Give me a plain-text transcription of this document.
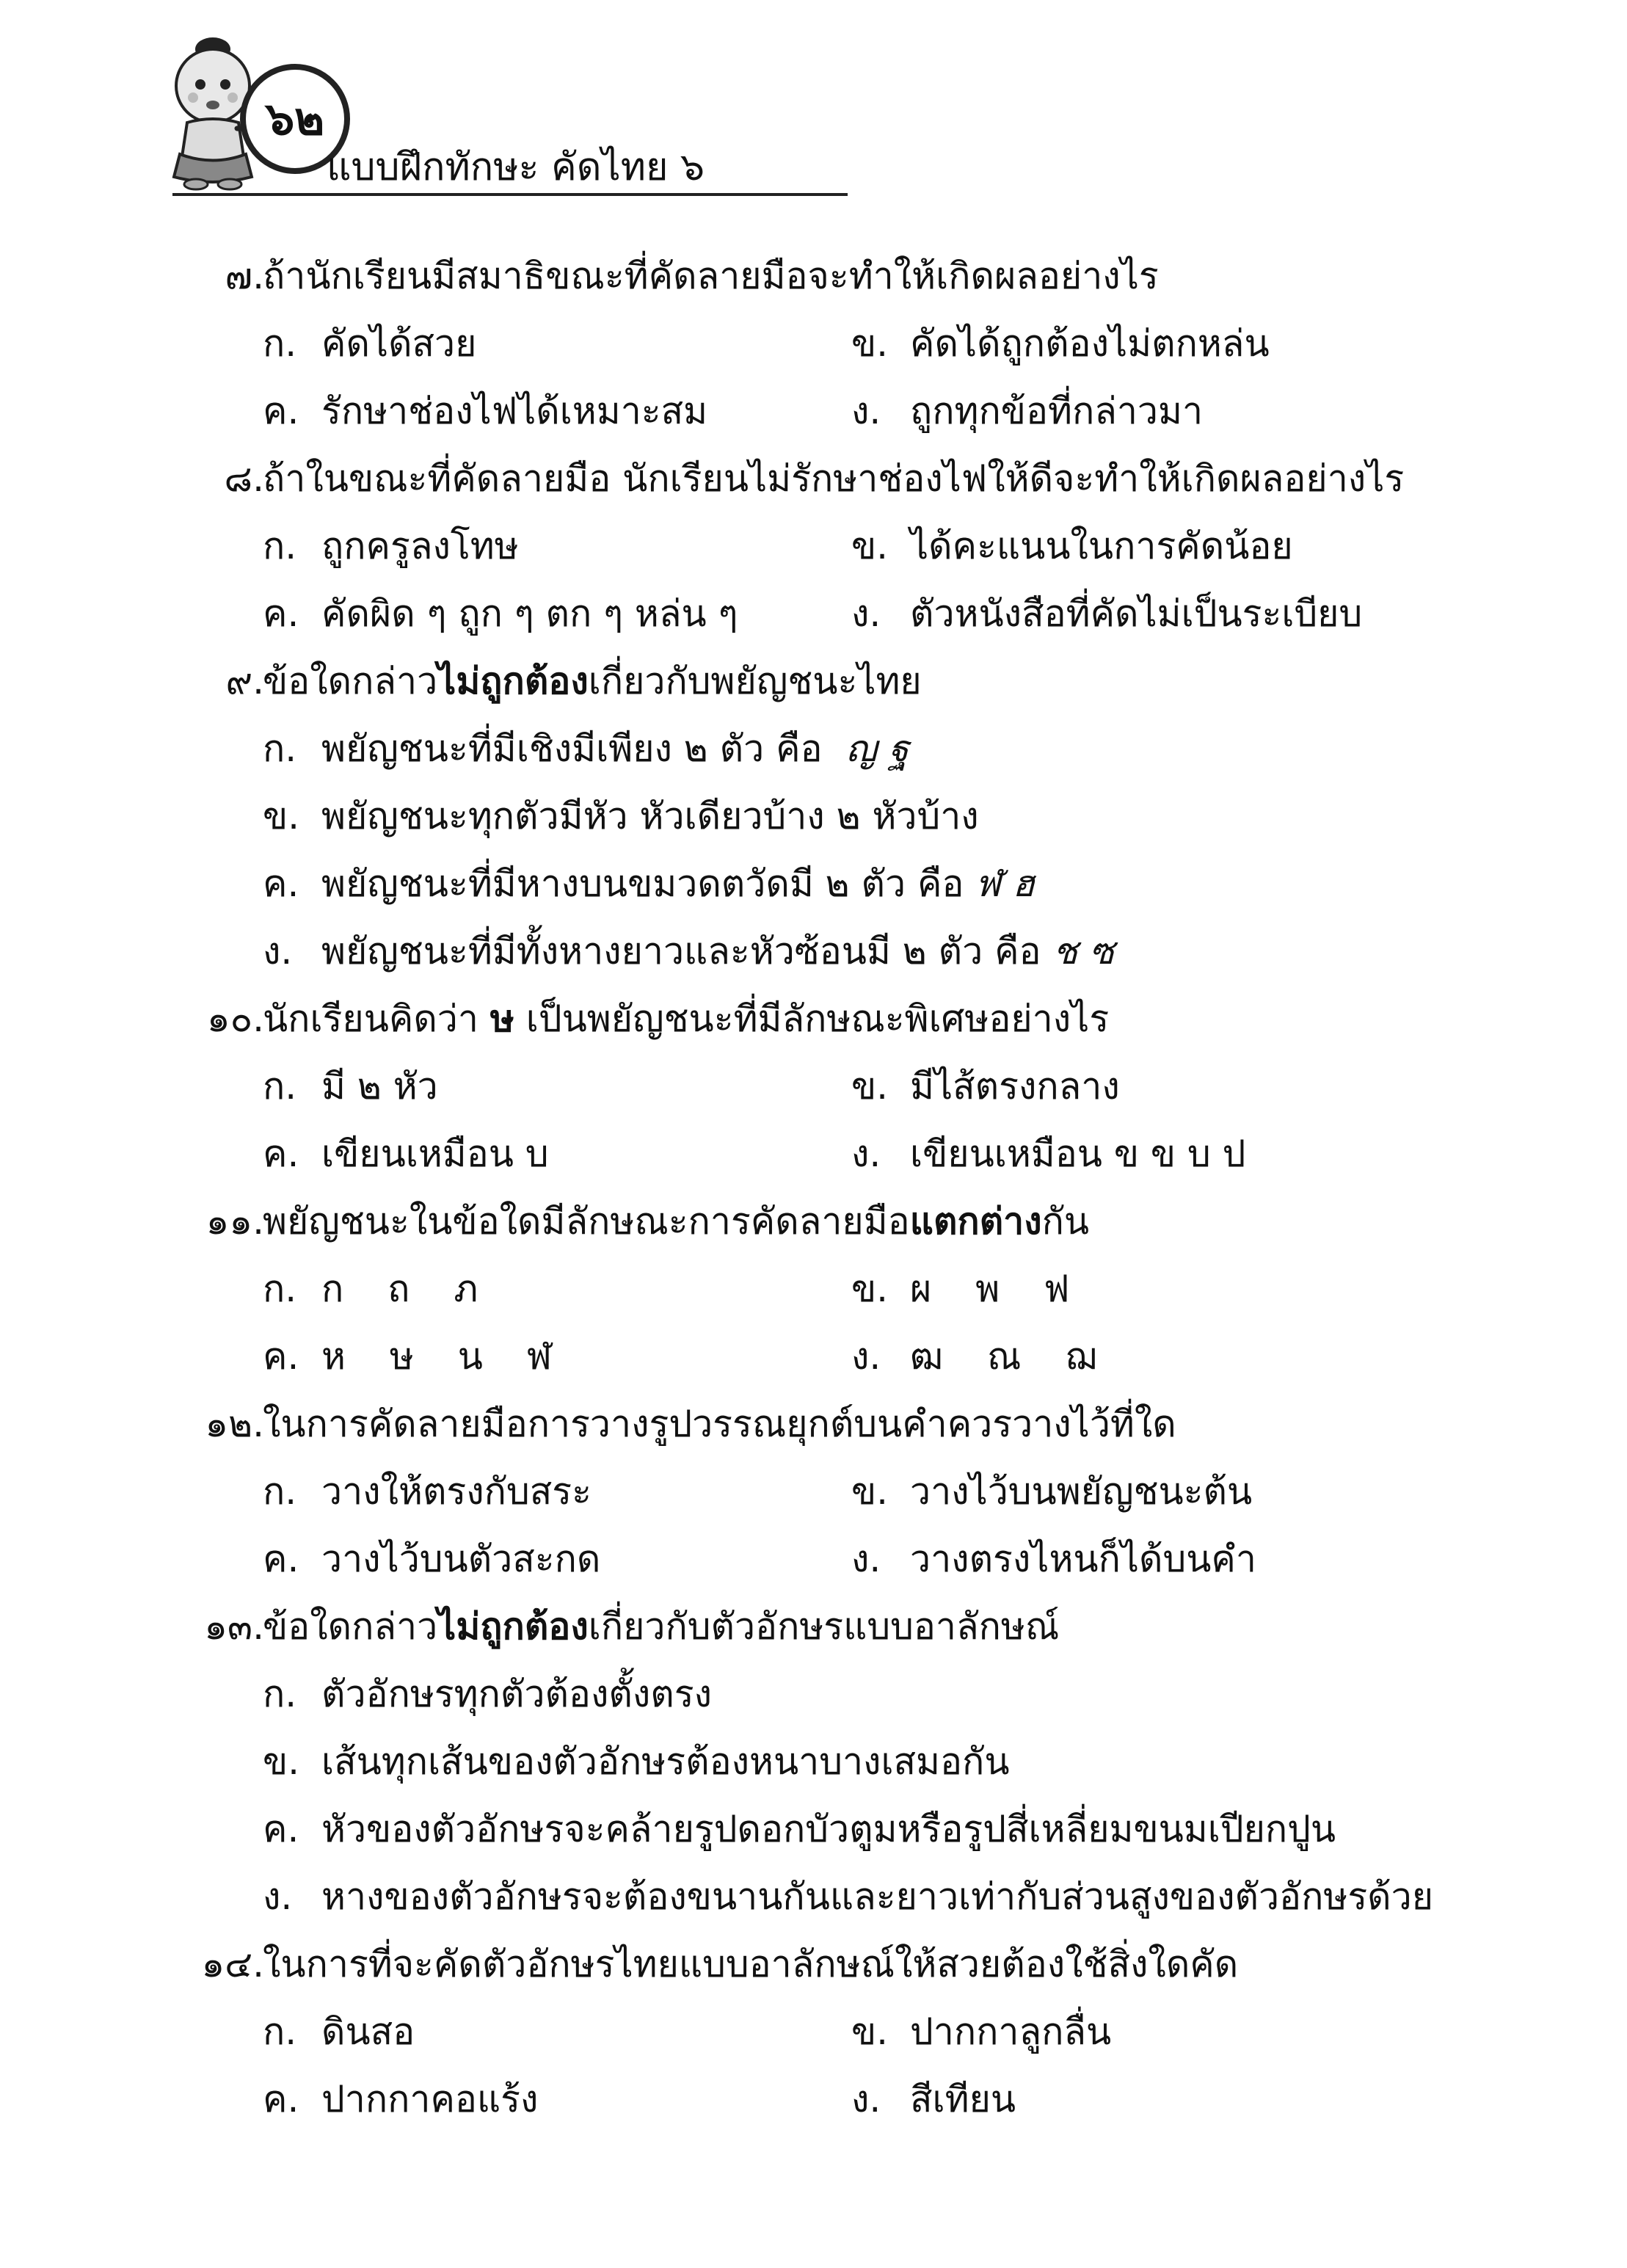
๖๒
แบบฝึกทักษะ คัดไทย ๖
๗.
ถ้านักเรียนมีสมาธิขณะที่คัดลายมือจะทำให้เกิดผลอย่างไร
ก. คัดได้สวย	ข. คัดได้ถูกต้องไม่ตกหล่น
ค. รักษาช่องไฟได้เหมาะสม	ง. ถูกทุกข้อที่กล่าวมา
๘.
ถ้าในขณะที่คัดลายมือ นักเรียนไม่รักษาช่องไฟให้ดีจะทำให้เกิดผลอย่างไร
ก. ถูกครูลงโทษ	ข. ได้คะแนนในการคัดน้อย
ค. คัดผิด ๆ ถูก ๆ ตก ๆ หล่น ๆ	ง. ตัวหนังสือที่คัดไม่เป็นระเบียบ
๙.
ข้อใดกล่าวไม่ถูกต้องเกี่ยวกับพยัญชนะไทย
ก. พยัญชนะที่มีเชิงมีเพียง ๒ ตัว คือ ญ ฐ
ข. พยัญชนะทุกตัวมีหัว หัวเดียวบ้าง ๒ หัวบ้าง
ค. พยัญชนะที่มีหางบนขมวดตวัดมี ๒ ตัว คือ ฬ ฮ
ง. พยัญชนะที่มีทั้งหางยาวและหัวซ้อนมี ๒ ตัว คือ ช ซ
๑๐.
นักเรียนคิดว่า ษ เป็นพยัญชนะที่มีลักษณะพิเศษอย่างไร
ก. มี ๒ หัว	ข. มีไส้ตรงกลาง
ค. เขียนเหมือน บ	ง. เขียนเหมือน ข ข บ ป
๑๑.
พยัญชนะในข้อใดมีลักษณะการคัดลายมือแตกต่างกัน
ก. ก ถ ภ	ข. ผ พ ฟ
ค. ห ษ น ฬ	ง. ฒ ณ ฌ
๑๒.
ในการคัดลายมือการวางรูปวรรณยุกต์บนคำควรวางไว้ที่ใด
ก. วางให้ตรงกับสระ	ข. วางไว้บนพยัญชนะต้น
ค. วางไว้บนตัวสะกด	ง. วางตรงไหนก็ได้บนคำ
๑๓.
ข้อใดกล่าวไม่ถูกต้องเกี่ยวกับตัวอักษรแบบอาลักษณ์
ก. ตัวอักษรทุกตัวต้องตั้งตรง
ข. เส้นทุกเส้นของตัวอักษรต้องหนาบางเสมอกัน
ค. หัวของตัวอักษรจะคล้ายรูปดอกบัวตูมหรือรูปสี่เหลี่ยมขนมเปียกปูน
ง. หางของตัวอักษรจะต้องขนานกันและยาวเท่ากับส่วนสูงของตัวอักษรด้วย
๑๔.
ในการที่จะคัดตัวอักษรไทยแบบอาลักษณ์ให้สวยต้องใช้สิ่งใดคัด
ก. ดินสอ	ข. ปากกาลูกลื่น
ค. ปากกาคอแร้ง	ง. สีเทียน
